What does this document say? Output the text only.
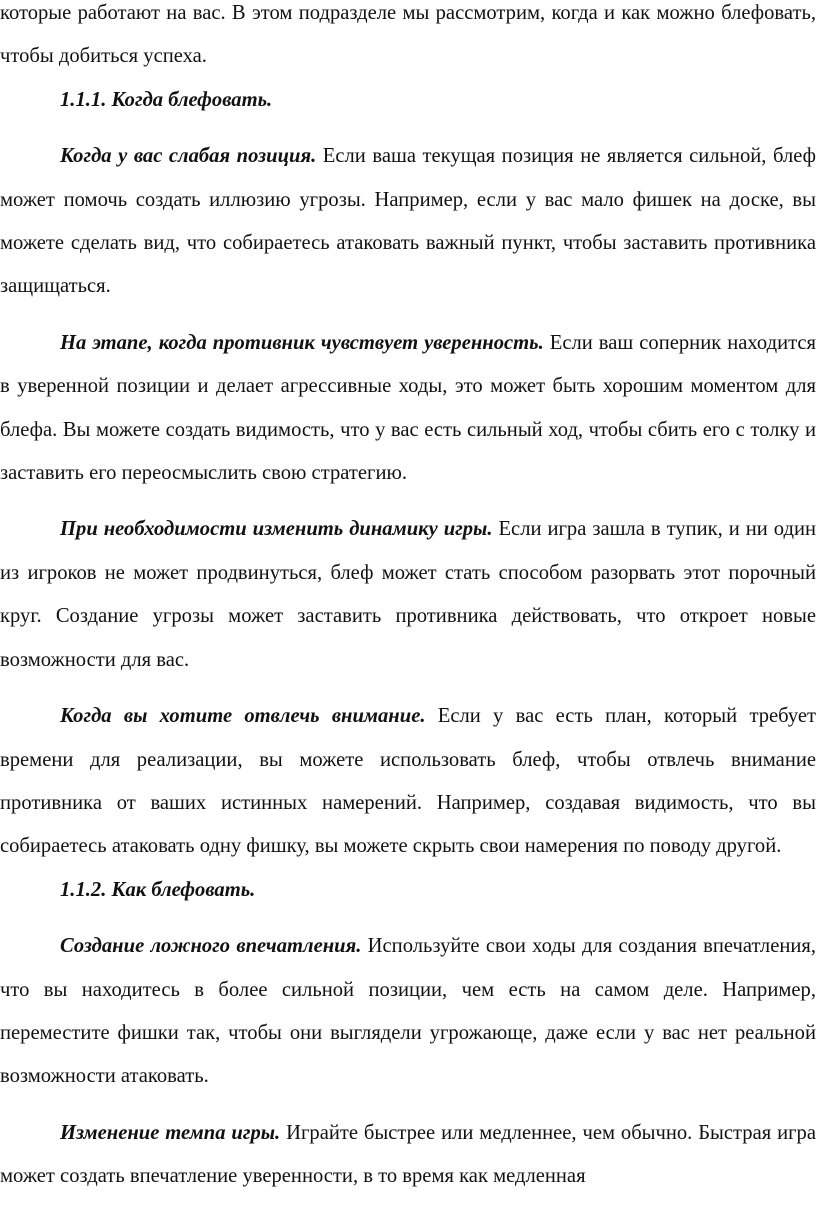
которые работают на вас. В этом подразделе мы рассмотрим, когда и как можно блефовать, чтобы добиться успеха.

1.1.1. Когда блефовать.

Когда у вас слабая позиция. Если ваша текущая позиция не является сильной, блеф может помочь создать иллюзию угрозы. Например, если у вас мало фишек на доске, вы можете сделать вид, что собираетесь атаковать важный пункт, чтобы заставить противника защищаться.

На этапе, когда противник чувствует уверенность. Если ваш соперник находится в уверенной позиции и делает агрессивные ходы, это может быть хорошим моментом для блефа. Вы можете создать видимость, что у вас есть сильный ход, чтобы сбить его с толку и заставить его переосмыслить свою стратегию.

При необходимости изменить динамику игры. Если игра зашла в тупик, и ни один из игроков не может продвинуться, блеф может стать способом разорвать этот порочный круг. Создание угрозы может заставить противника действовать, что откроет новые возможности для вас.

Когда вы хотите отвлечь внимание. Если у вас есть план, который требует времени для реализации, вы можете использовать блеф, чтобы отвлечь внимание противника от ваших истинных намерений. Например, создавая видимость, что вы собираетесь атаковать одну фишку, вы можете скрыть свои намерения по поводу другой.

1.1.2. Как блефовать.

Создание ложного впечатления. Используйте свои ходы для создания впечатления, что вы находитесь в более сильной позиции, чем есть на самом деле. Например, переместите фишки так, чтобы они выглядели угрожающе, даже если у вас нет реальной возможности атаковать.

Изменение темпа игры. Играйте быстрее или медленнее, чем обычно. Быстрая игра может создать впечатление уверенности, в то время как медленная
